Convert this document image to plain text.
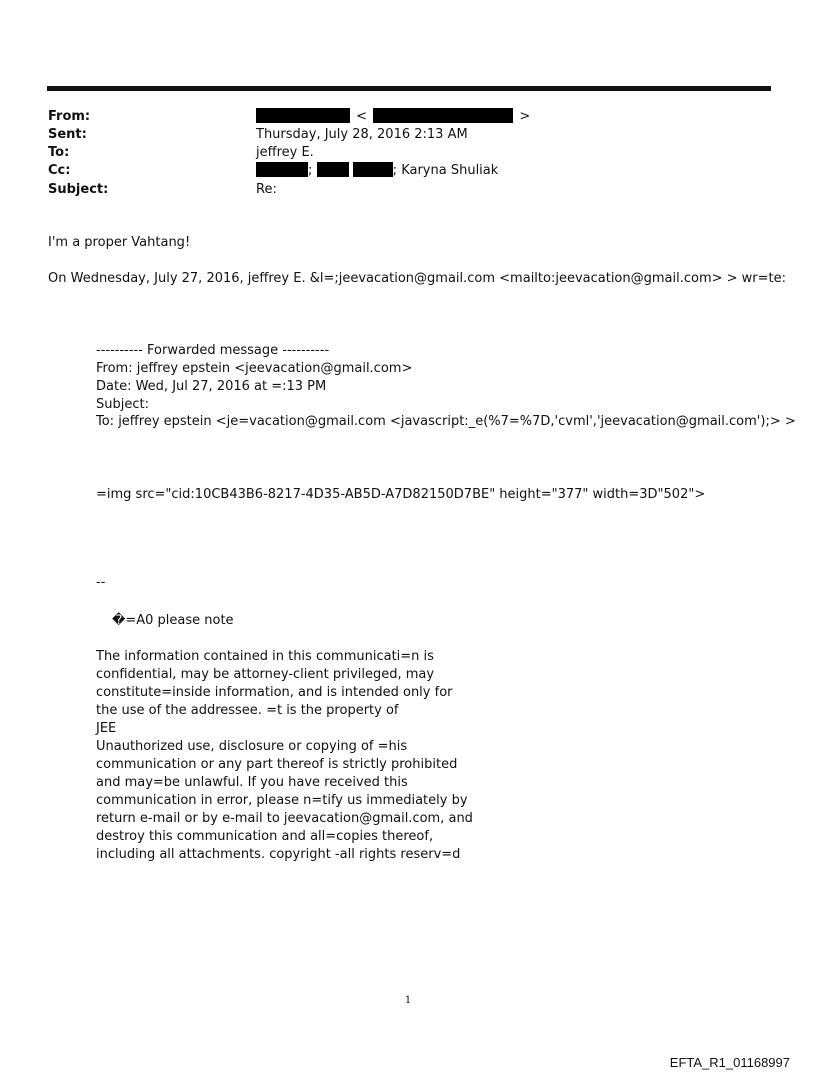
From:	<	>
Sent:	Thursday, July 28, 2016 2:13 AM
To:	jeffrey E.
Cc:	;	; Karyna Shuliak
Subject:	Re:
I'm a proper Vahtang!
On Wednesday, July 27, 2016, jeffrey E. &l=;jeevacation@gmail.com <mailto:jeevacation@gmail.com> > wr=te:
---------- Forwarded message ----------
From: jeffrey epstein <jeevacation@gmail.com>
Date: Wed, Jul 27, 2016 at =:13 PM
Subject:
To: jeffrey epstein <je=vacation@gmail.com <javascript:_e(%7=%7D,'cvml','jeevacation@gmail.com');> >
=img src="cid:10CB43B6-8217-4D35-AB5D-A7D82150D7BE" height="377" width=3D"502">
--
�=A0 please note
The information contained in this communicati=n is
confidential, may be attorney-client privileged, may
constitute=inside information, and is intended only for
the use of the addressee. =t is the property of
JEE
Unauthorized use, disclosure or copying of =his
communication or any part thereof is strictly prohibited
and may=be unlawful. If you have received this
communication in error, please n=tify us immediately by
return e-mail or by e-mail to jeevacation@gmail.com, and
destroy this communication and all=copies thereof,
including all attachments. copyright -all rights reserv=d
1
EFTA_R1_01168997
